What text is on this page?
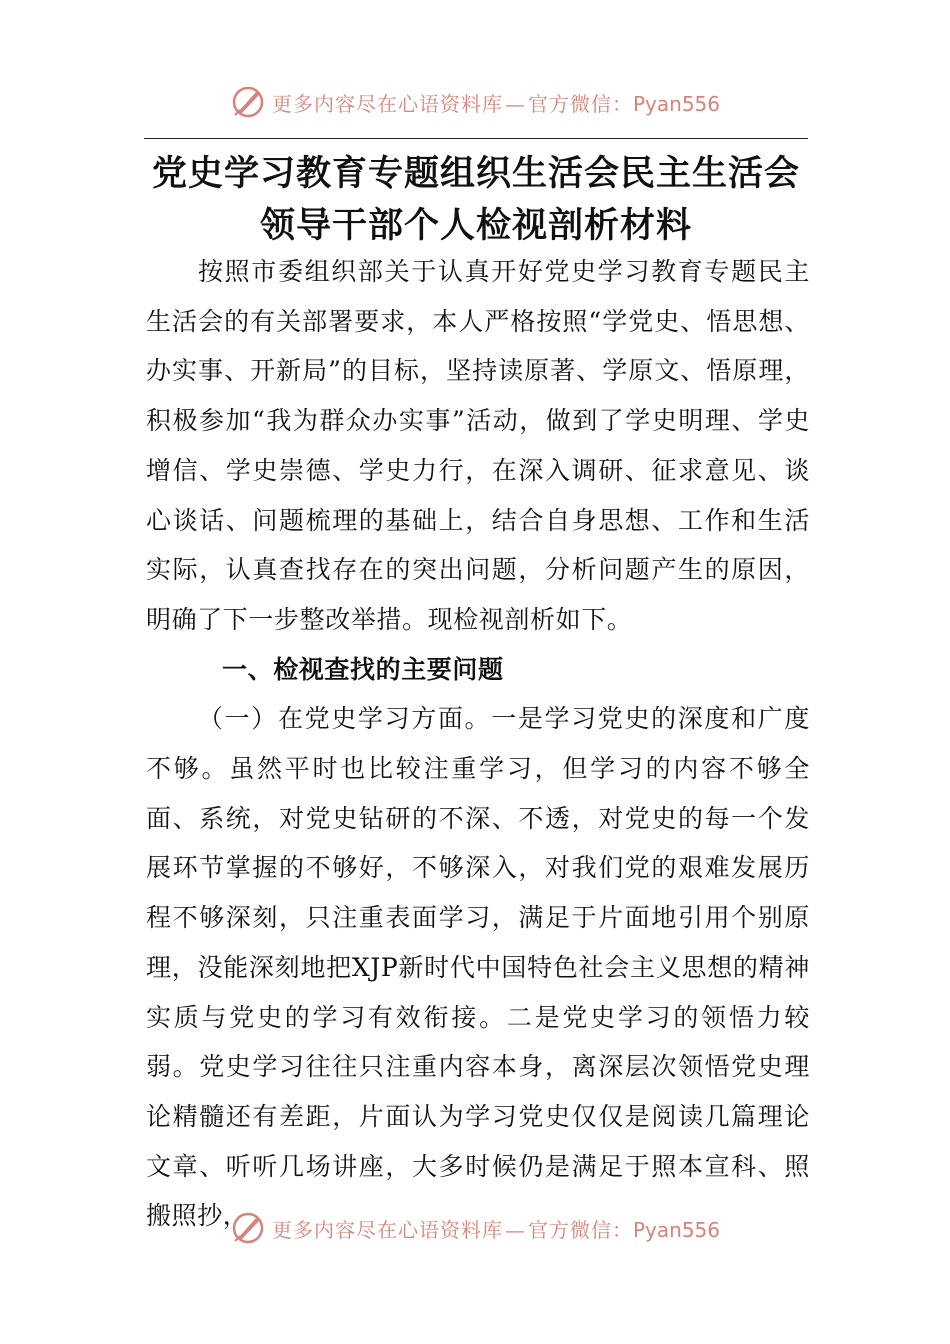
更多内容尽在心语资料库 — 官方微信：Pyan556
党史学习教育专题组织生活会民主生活会
领导干部个人检视剖析材料

按照市委组织部关于认真开好党史学习教育专题民主生活会的有关部署要求，本人严格按照“学党史、悟思想、办实事、开新局”的目标，坚持读原著、学原文、悟原理，积极参加“我为群众办实事”活动，做到了学史明理、学史增信、学史崇德、学史力行，在深入调研、征求意见、谈心谈话、问题梳理的基础上，结合自身思想、工作和生活实际，认真查找存在的突出问题，分析问题产生的原因，明确了下一步整改举措。现检视剖析如下。

一、检视查找的主要问题

（一）在党史学习方面。一是学习党史的深度和广度不够。虽然平时也比较注重学习，但学习的内容不够全面、系统，对党史钻研的不深、不透，对党史的每一个发展环节掌握的不够好，不够深入，对我们党的艰难发展历程不够深刻，只注重表面学习，满足于片面地引用个别原理，没能深刻地把XJP新时代中国特色社会主义思想的精神实质与党史的学习有效衔接。二是党史学习的领悟力较弱。党史学习往往只注重内容本身，离深层次领悟党史理论精髓还有差距，片面认为学习党史仅仅是阅读几篇理论文章、听听几场讲座，大多时候仍是满足于照本宣科、照搬照抄，	更多内容尽在心语资料库 — 官方微信：Pyan556
